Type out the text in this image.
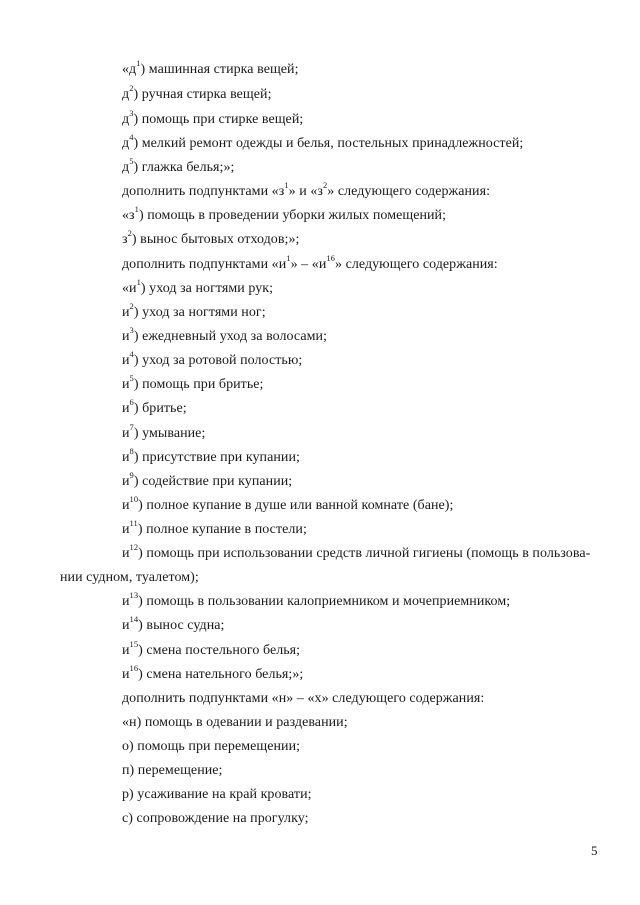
«$д^1$) машинная стирка вещей;
$д^2$) ручная стирка вещей;
$д^3$) помощь при стирке вещей;
$д^4$) мелкий ремонт одежды и белья, постельных принадлежностей;
$д^5$) глажка белья;»;
дополнить подпунктами «$з^1$» и «$з^2$» следующего содержания:
«$з^1$) помощь в проведении уборки жилых помещений;
$з^2$) вынос бытовых отходов;»;
дополнить подпунктами «$и^1$» – «$и^{16}$» следующего содержания:
«$и^1$) уход за ногтями рук;
$и^2$) уход за ногтями ног;
$и^3$) ежедневный уход за волосами;
$и^4$) уход за ротовой полостью;
$и^5$) помощь при бритье;
$и^6$) бритье;
$и^7$) умывание;
$и^8$) присутствие при купании;
$и^9$) содействие при купании;
$и^{10}$) полное купание в душе или ванной комнате (бане);
$и^{11}$) полное купание в постели;
$и^{12}$) помощь при использовании средств личной гигиены (помощь в пользова-
нии судном, туалетом);
$и^{13}$) помощь в пользовании калоприемником и мочеприемником;
$и^{14}$) вынос судна;
$и^{15}$) смена постельного белья;
$и^{16}$) смена нательного белья;»;
дополнить подпунктами «н» – «х» следующего содержания:
«н) помощь в одевании и раздевании;
о) помощь при перемещении;
п) перемещение;
р) усаживание на край кровати;
с) сопровождение на прогулку;
5
